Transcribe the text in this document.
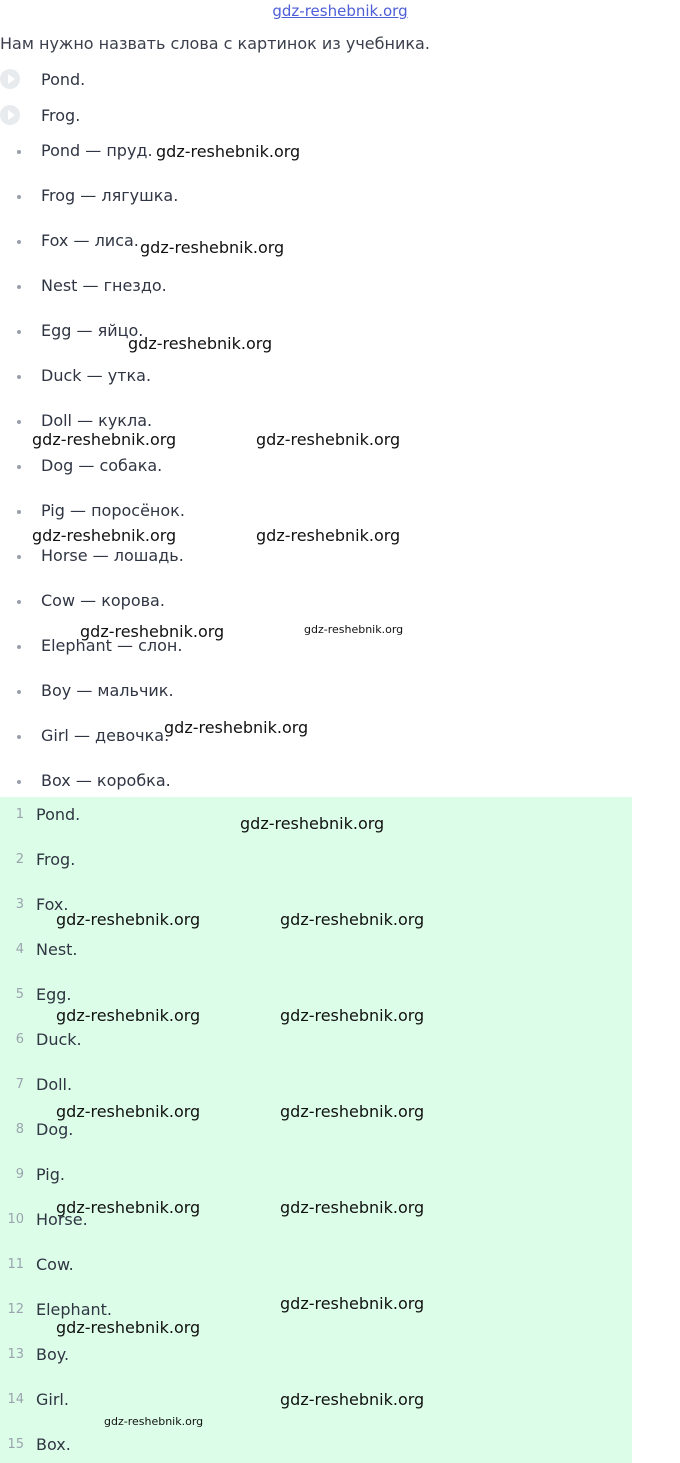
gdz-reshebnik.org
Нам нужно назвать слова с картинок из учебника.
Pond.
Frog.
Pond — пруд.
Frog — лягушка.
Fox — лиса.
Nest — гнездо.
Egg — яйцо.
Duck — утка.
Doll — кукла.
Dog — собака.
Pig — поросёнок.
Horse — лошадь.
Cow — корова.
Elephant — слон.
Boy — мальчик.
Girl — девочка.
Box — коробка.
1 Pond.
2 Frog.
3 Fox.
4 Nest.
5 Egg.
6 Duck.
7 Doll.
8 Dog.
9 Pig.
10 Horse.
11 Cow.
12 Elephant.
13 Boy.
14 Girl.
15 Box.
gdz-reshebnik.org
gdz-reshebnik.org
gdz-reshebnik.org
gdz-reshebnik.org	gdz-reshebnik.org
gdz-reshebnik.org	gdz-reshebnik.org
gdz-reshebnik.org	gdz-reshebnik.org
gdz-reshebnik.org
gdz-reshebnik.org
gdz-reshebnik.org	gdz-reshebnik.org
gdz-reshebnik.org	gdz-reshebnik.org
gdz-reshebnik.org	gdz-reshebnik.org
gdz-reshebnik.org	gdz-reshebnik.org
gdz-reshebnik.org
gdz-reshebnik.org
gdz-reshebnik.org
gdz-reshebnik.org
